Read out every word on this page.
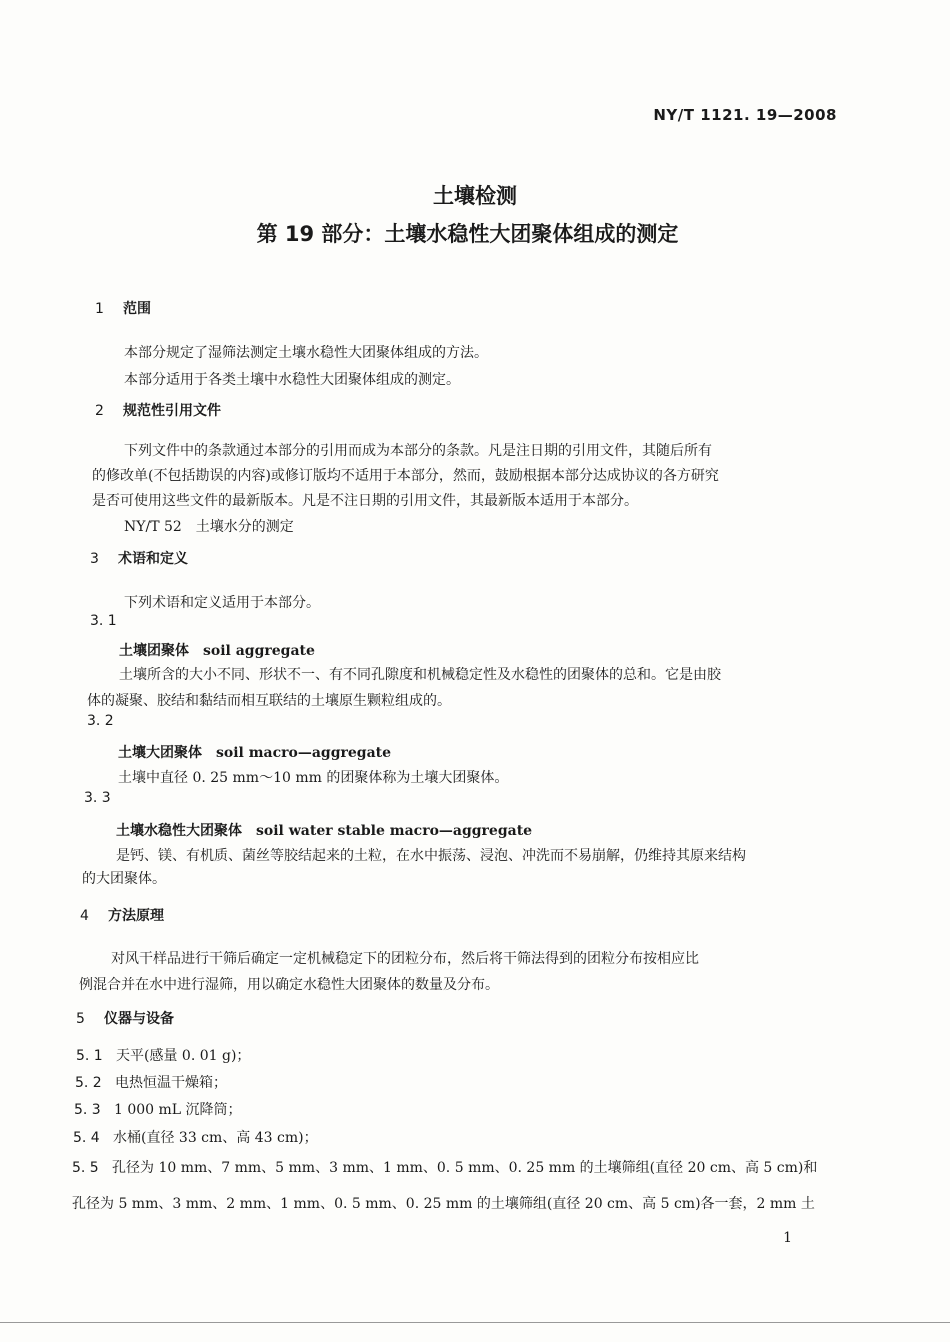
NY/T 1121. 19—2008
土壤检测
第 19 部分：土壤水稳性大团聚体组成的测定
1 范围
本部分规定了湿筛法测定土壤水稳性大团聚体组成的方法。
本部分适用于各类土壤中水稳性大团聚体组成的测定。
2 规范性引用文件
下列文件中的条款通过本部分的引用而成为本部分的条款。凡是注日期的引用文件，其随后所有
的修改单(不包括勘误的内容)或修订版均不适用于本部分，然而，鼓励根据本部分达成协议的各方研究
是否可使用这些文件的最新版本。凡是不注日期的引用文件，其最新版本适用于本部分。
NY/T 52　土壤水分的测定
3 术语和定义
下列术语和定义适用于本部分。
3. 1
土壤团聚体 soil aggregate
土壤所含的大小不同、形状不一、有不同孔隙度和机械稳定性及水稳性的团聚体的总和。它是由胶
体的凝聚、胶结和黏结而相互联结的土壤原生颗粒组成的。
3. 2
土壤大团聚体 soil macro—aggregate
土壤中直径 0. 25 mm～10 mm 的团聚体称为土壤大团聚体。
3. 3
土壤水稳性大团聚体 soil water stable macro—aggregate
是钙、镁、有机质、菌丝等胶结起来的土粒，在水中振荡、浸泡、冲洗而不易崩解，仍维持其原来结构
的大团聚体。
4 方法原理
对风干样品进行干筛后确定一定机械稳定下的团粒分布，然后将干筛法得到的团粒分布按相应比
例混合并在水中进行湿筛，用以确定水稳性大团聚体的数量及分布。
5 仪器与设备
5. 1 天平(感量 0. 01 g)；
5. 2 电热恒温干燥箱；
5. 3 1 000 mL 沉降筒；
5. 4 水桶(直径 33 cm、高 43 cm)；
5. 5 孔径为 10 mm、7 mm、5 mm、3 mm、1 mm、0. 5 mm、0. 25 mm 的土壤筛组(直径 20 cm、高 5 cm)和
孔径为 5 mm、3 mm、2 mm、1 mm、0. 5 mm、0. 25 mm 的土壤筛组(直径 20 cm、高 5 cm)各一套，2 mm 土
1
